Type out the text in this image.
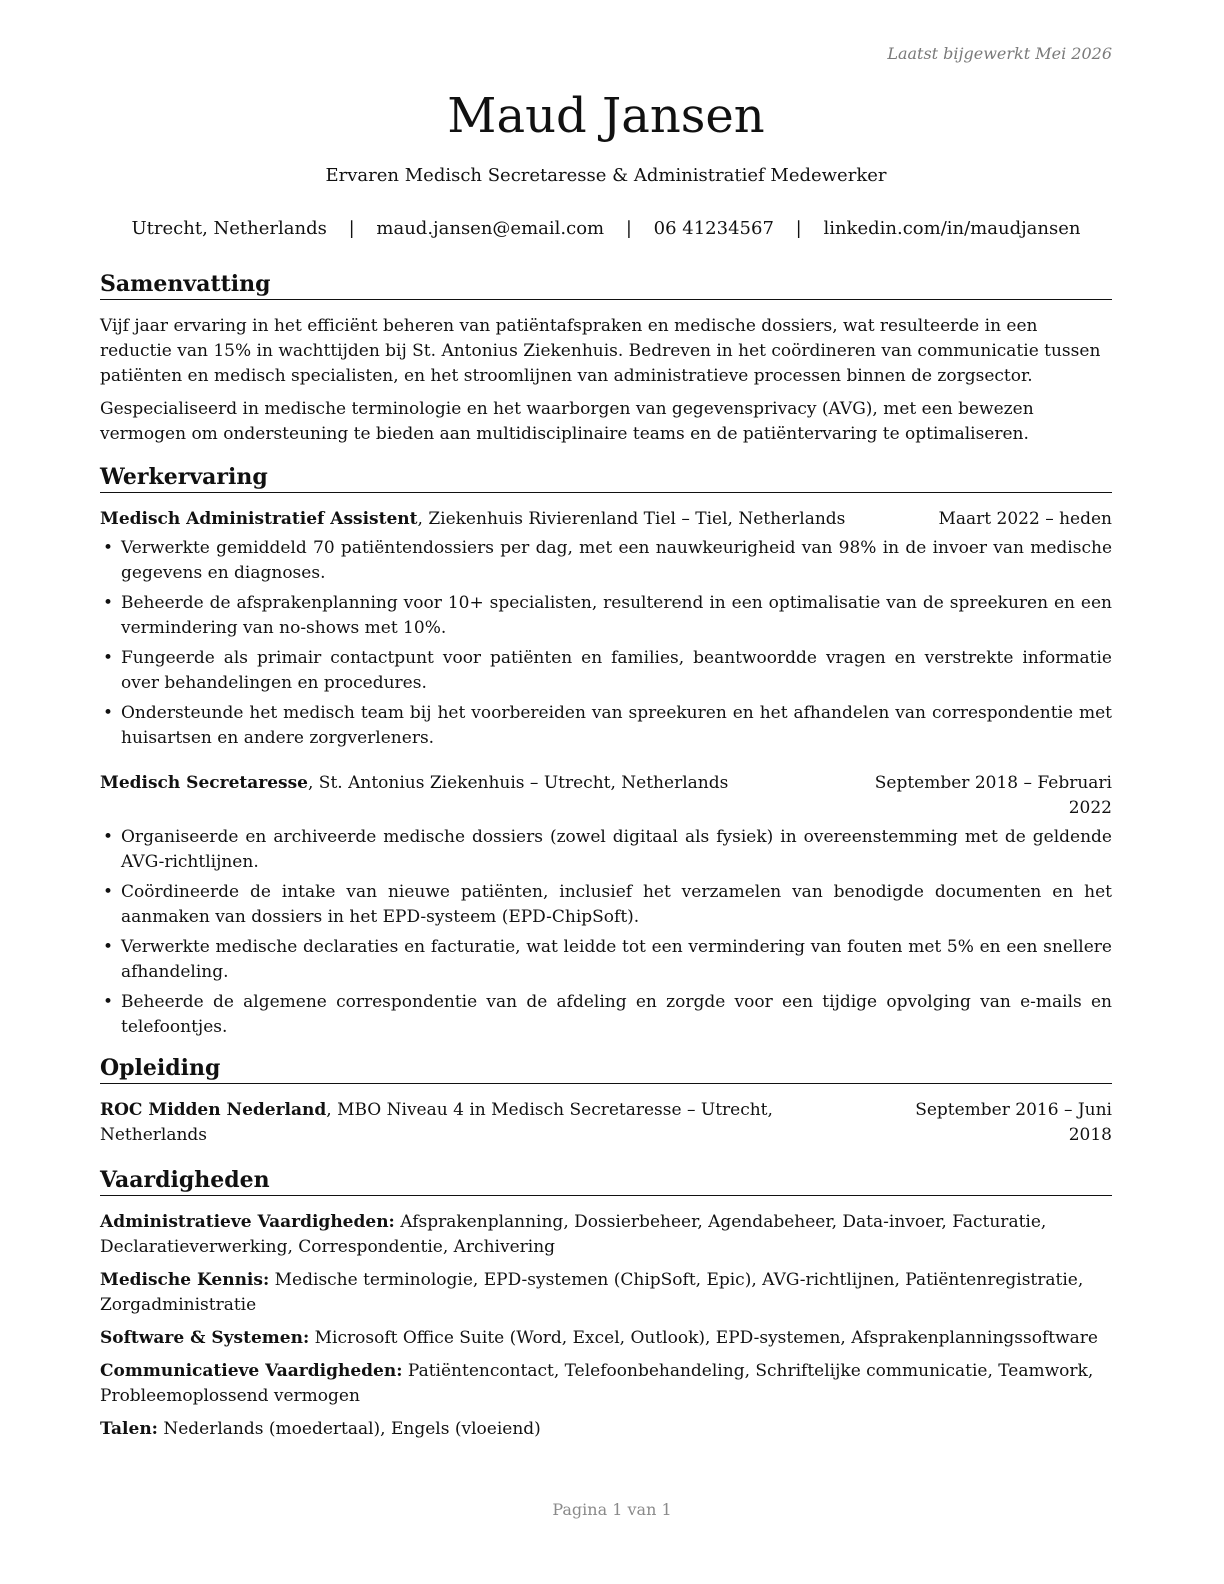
Laatst bijgewerkt Mei 2026
Maud Jansen
Ervaren Medisch Secretaresse & Administratief Medewerker
Utrecht, Netherlands | maud.jansen@email.com | 06 41234567 | linkedin.com/in/maudjansen
Samenvatting

Vijf jaar ervaring in het efficiënt beheren van patiëntafspraken en medische dossiers, wat resulteerde in een reductie van 15% in wachttijden bij St. Antonius Ziekenhuis. Bedreven in het coördineren van communicatie tussen patiënten en medisch specialisten, en het stroomlijnen van administratieve processen binnen de zorgsector.

Gespecialiseerd in medische terminologie en het waarborgen van gegevensprivacy (AVG), met een bewezen vermogen om ondersteuning te bieden aan multidisciplinaire teams en de patiëntervaring te optimaliseren.

Werkervaring
Medisch Administratief Assistent, Ziekenhuis Rivierenland Tiel – Tiel, Netherlands	Maart 2022 – heden
• Verwerkte gemiddeld 70 patiëntendossiers per dag, met een nauwkeurigheid van 98% in de invoer van medische gegevens en diagnoses.
• Beheerde de afsprakenplanning voor 10+ specialisten, resulterend in een optimalisatie van de spreekuren en een vermindering van no-shows met 10%.
• Fungeerde als primair contactpunt voor patiënten en families, beantwoordde vragen en verstrekte informatie over behandelingen en procedures.
• Ondersteunde het medisch team bij het voorbereiden van spreekuren en het afhandelen van correspondentie met huisartsen en andere zorgverleners.
Medisch Secretaresse, St. Antonius Ziekenhuis – Utrecht, Netherlands	September 2018 – Februari 2022
• Organiseerde en archiveerde medische dossiers (zowel digitaal als fysiek) in overeenstemming met de geldende AVG-richtlijnen.
• Coördineerde de intake van nieuwe patiënten, inclusief het verzamelen van benodigde documenten en het aanmaken van dossiers in het EPD-systeem (EPD-ChipSoft).
• Verwerkte medische declaraties en facturatie, wat leidde tot een vermindering van fouten met 5% en een snellere afhandeling.
• Beheerde de algemene correspondentie van de afdeling en zorgde voor een tijdige opvolging van e-mails en telefoontjes.
Opleiding
ROC Midden Nederland, MBO Niveau 4 in Medisch Secretaresse – Utrecht, Netherlands
September 2016 – Juni 2018
Vaardigheden

Administratieve Vaardigheden: Afsprakenplanning, Dossierbeheer, Agendabeheer, Data-invoer, Facturatie, Declaratieverwerking, Correspondentie, Archivering

Medische Kennis: Medische terminologie, EPD-systemen (ChipSoft, Epic), AVG-richtlijnen, Patiëntenregistratie, Zorgadministratie

Software & Systemen: Microsoft Office Suite (Word, Excel, Outlook), EPD-systemen, Afsprakenplanningssoftware

Communicatieve Vaardigheden: Patiëntencontact, Telefoonbehandeling, Schriftelijke communicatie, Teamwork, Probleemoplossend vermogen

Talen: Nederlands (moedertaal), Engels (vloeiend)

Pagina 1 van 1
